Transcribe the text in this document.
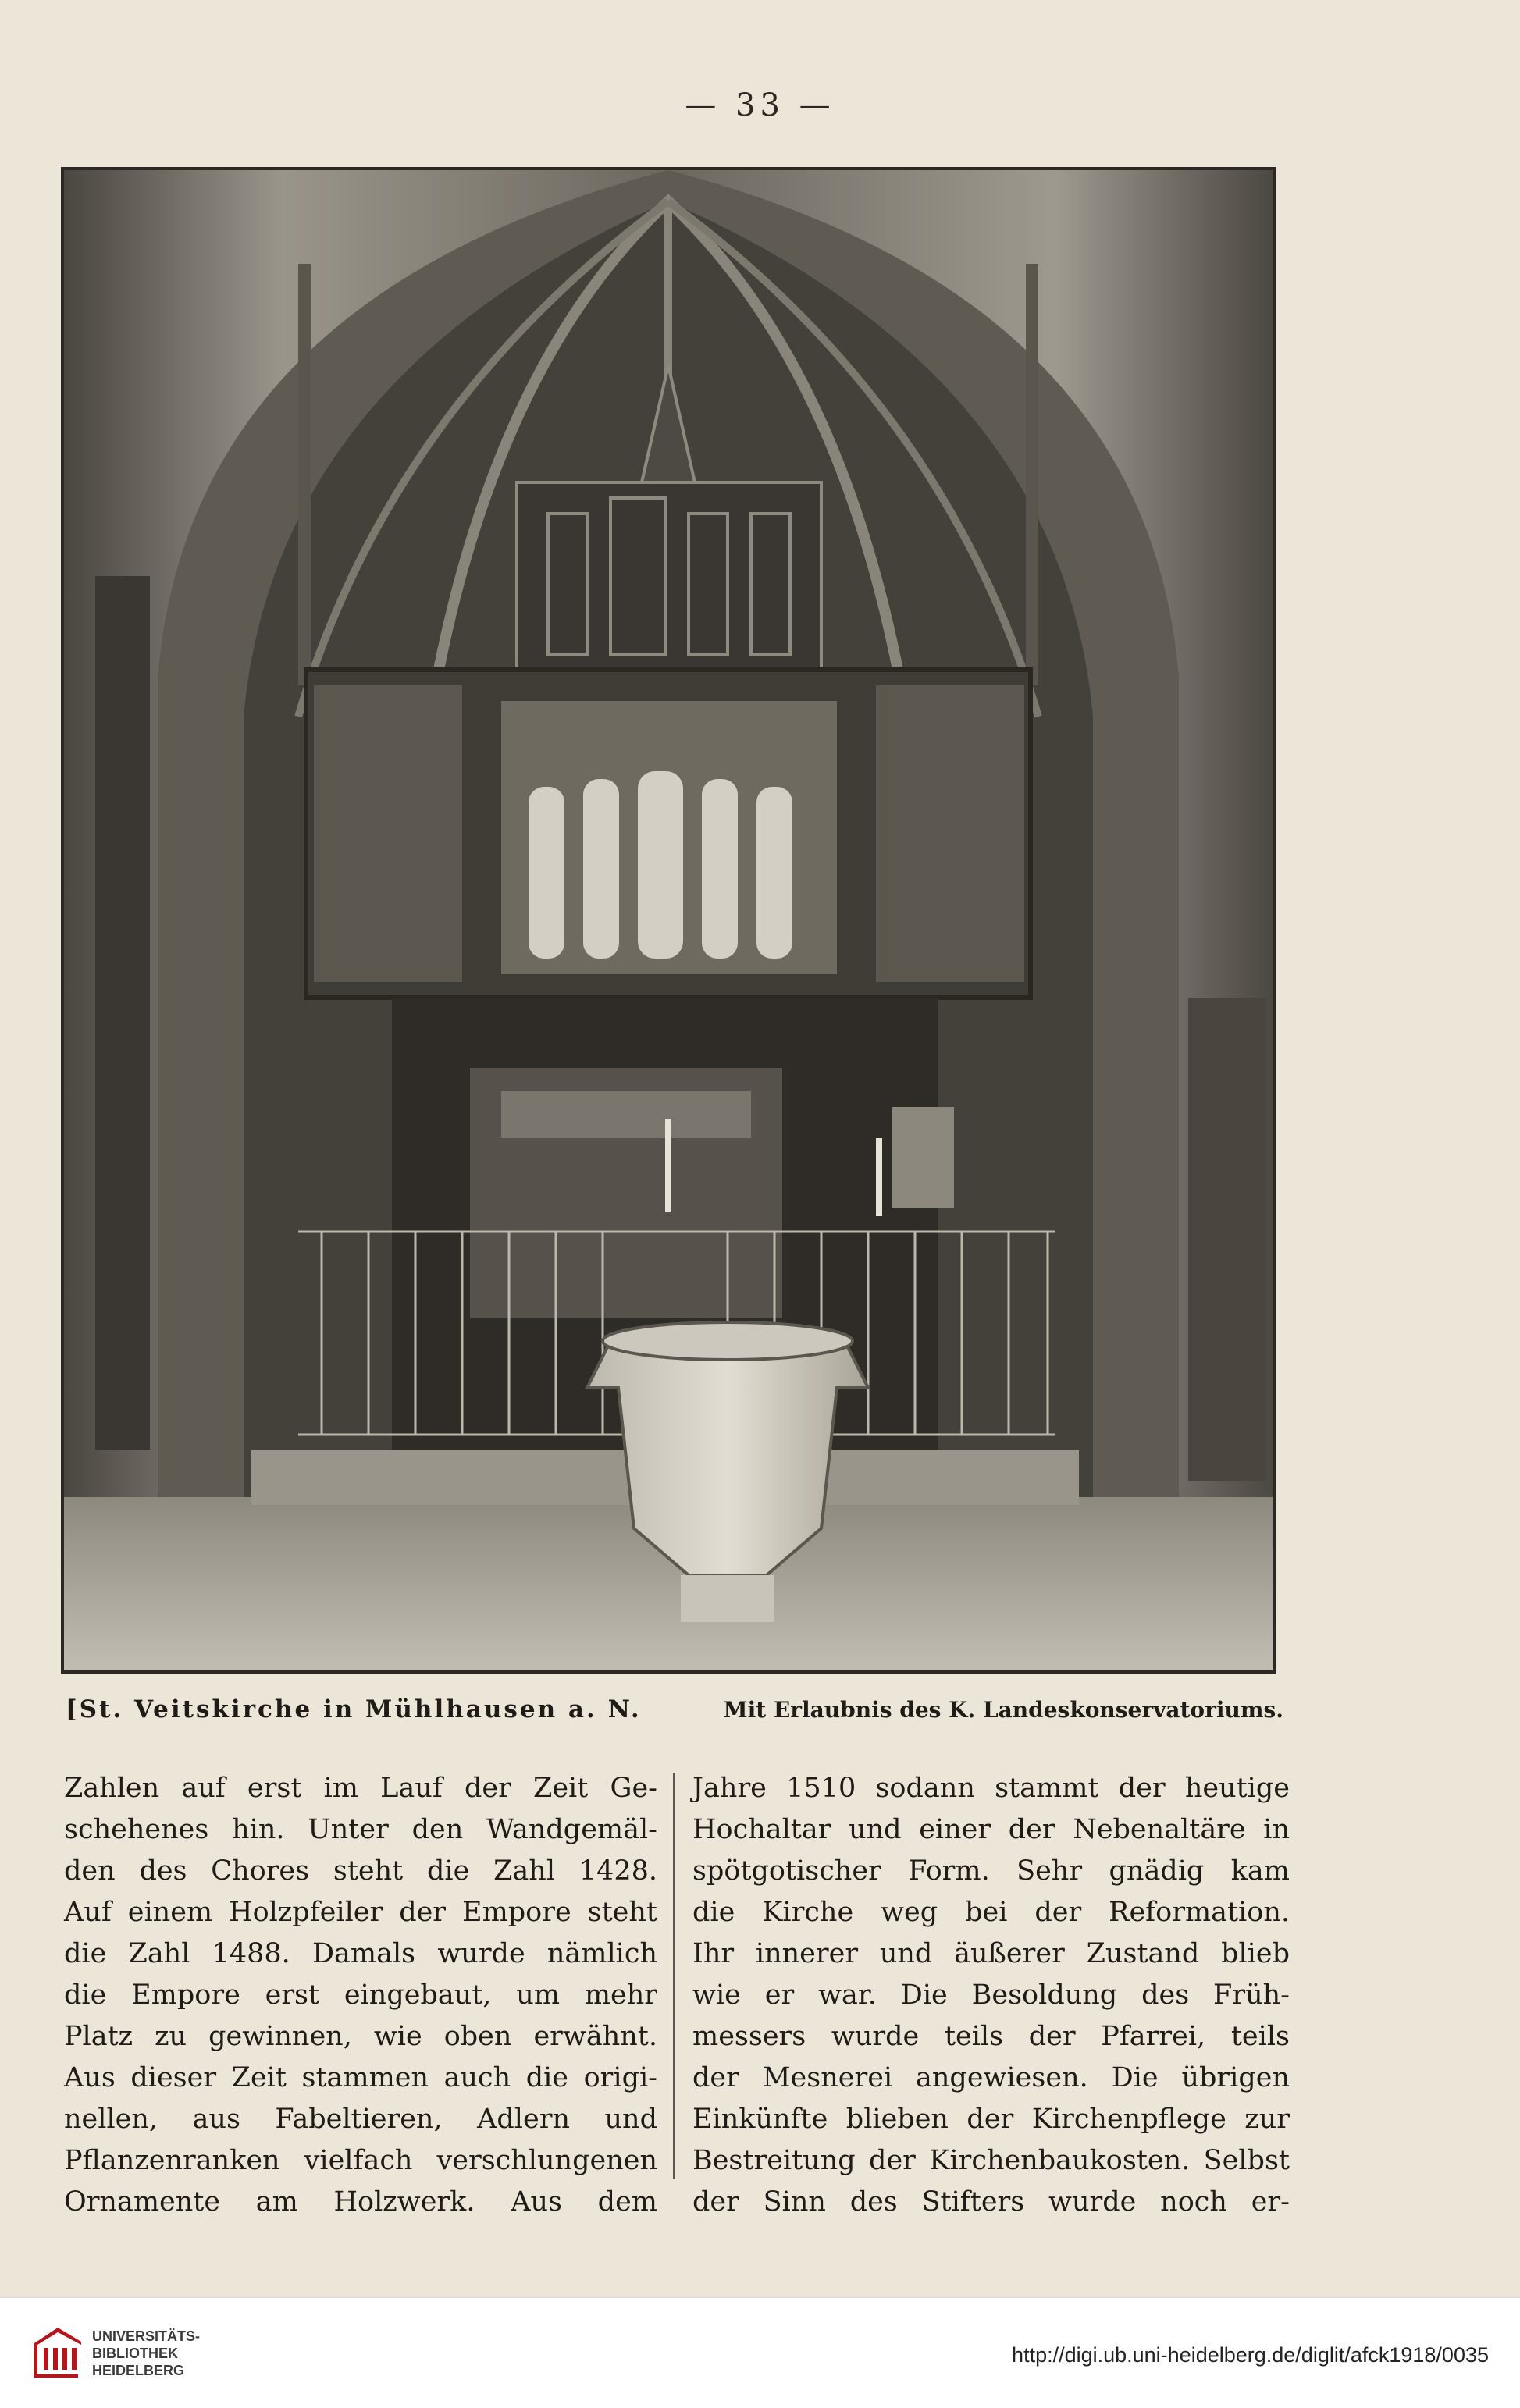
— 33 —
[St. Veitskirche in Mühlhausen a. N.	Mit Erlaubnis des K. Landeskonservatoriums.
Zahlen auf erst im Lauf der Zeit Ge-
schehenes hin. Unter den Wandgemäl-
den des Chores steht die Zahl 1428.
Auf einem Holzpfeiler der Empore steht
die Zahl 1488. Damals wurde nämlich
die Empore erst eingebaut, um mehr
Platz zu gewinnen, wie oben erwähnt.
Aus dieser Zeit stammen auch die origi-
nellen, aus Fabeltieren, Adlern und
Pflanzenranken vielfach verschlungenen
Ornamente am Holzwerk. Aus dem
Jahre 1510 sodann stammt der heutige
Hochaltar und einer der Nebenaltäre in
spötgotischer Form. Sehr gnädig kam
die Kirche weg bei der Reformation.
Ihr innerer und äußerer Zustand blieb
wie er war. Die Besoldung des Früh-
messers wurde teils der Pfarrei, teils
der Mesnerei angewiesen. Die übrigen
Einkünfte blieben der Kirchenpflege zur
Bestreitung der Kirchenbaukosten. Selbst
der Sinn des Stifters wurde noch er-
UNIVERSITÄTS-
BIBLIOTHEK
HEIDELBERG
http://digi.ub.uni-heidelberg.de/diglit/afck1918/0035
